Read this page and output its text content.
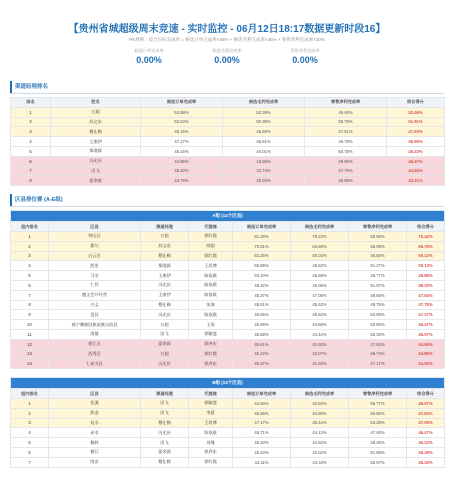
【贵州省城超级周末竞速 - 实时监控 - 06月12日18:17数据更新时段16】
PK规则：综合目标完成率 = 候选订单完成率×45% + 候选毛利完成率×35% + 零售净利完成率×20%
候选订单完成率
0.00%
候选毛利完成率
0.00%
零售净利完成率
0.00%
渠道经理排名
排名	姓名	候选订单完成率	候选毛利完成率	零售净利完成率	综合得分
1	万超	53.88%	52.39%	49.40%	52.46%
2	苏文东	53.63%	50.36%	50.78%	51.91%
3	穆仕梅	49.15%	46.59%	47.51%	47.93%
4	王康伊	47.17%	45.61%	46.78%	46.95%
5	郑缕霖	46.15%	44.01%	50.78%	46.33%
6	冯光庆	44.99%	43.56%	49.90%	46.47%
7	田飞	45.40%	42.74%	47.76%	44.94%
8	蒙余霖	43.79%	40.93%	45.88%	43.21%
区县排位赛 (A-E组)
A组 (14个区县)							
组内排名	区县	渠道经理	代理商	候选订单完成率	候选毛利完成率	零售净利完成率	综合得分
1	钟山区	万超	郭红霞	81.28%	79.23%	55.58%	75.42%
2	都匀	苏文东	胡超	70.01%	64.66%	58.09%	65.75%
3	白云区	穆仕梅	郭红霞	52.26%	50.03%	45.56%	50.14%
4	凯里	郑缕霖	王坦博	50.88%	48.52%	51.27%	50.13%
5	习水	王康伊	陈依联	50.10%	46.55%	48.77%	48.68%
6	仁怀	冯光庆	陈依联	48.42%	46.06%	51.97%	48.20%
7	遵义会开经营	王康伊	陈依联	48.37%	47.08%	48.50%	47.94%
8	兴义	穆仕梅	朱海	48.61%	45.62%	49.75%	47.78%
9	盘县	冯光庆	陈依联	46.06%	45.62%	52.89%	47.27%
10	威宁彝族回族苗族自治县	万超	王瑶	45.96%	44.66%	50.80%	46.47%
11	清镇	田飞	郭颖莲	45.58%	44.44%	50.30%	46.07%
12	碧江区	蒙余霖	郭齐宏	45.61%	42.60%	47.62%	44.98%
13	西秀区	万超	郭红霞	45.42%	43.07%	46.74%	44.86%
14	七星关区	冯光庆	郭齐宏	45.37%	41.63%	47.17%	43.92%
B组 (13个区县)							
组内排名	区县	渠道经理	代理商	候选订单完成率	候选毛利完成率	零售净利完成率	综合得分
1	花溪	田飞	郭颖莲	44.94%	42.84%	66.77%	46.97%
2	织金	田飞	李晨	45.66%	44.90%	56.82%	47.83%
3	瓮水	穆仕梅	王坦博	47.17%	45.44%	53.28%	47.09%
4	赤水	冯光庆	陈依联	48.71%	44.13%	47.48%	46.47%
5	桐梓	田飞	刘瑾	46.33%	44.92%	48.26%	46.22%
6	德江	蒙余霖	郭齐宏	45.43%	42.02%	51.68%	45.39%
7	绥安	穆仕梅	郭红霞	44.11%	44.34%	50.67%	45.26%
